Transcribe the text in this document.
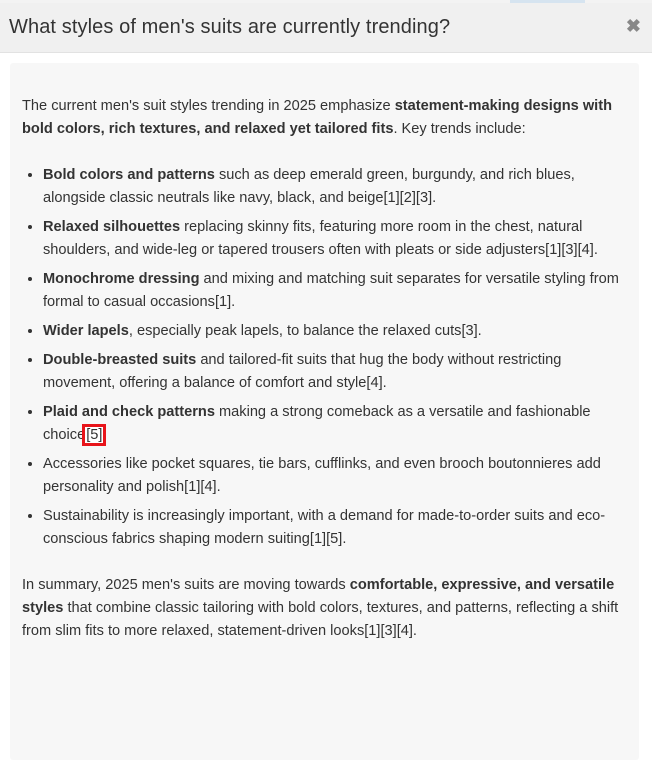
What styles of men's suits are currently trending?	✖

The current men's suit styles trending in 2025 emphasize statement-making designs with bold colors, rich textures, and relaxed yet tailored fits. Key trends include:

• Bold colors and patterns such as deep emerald green, burgundy, and rich blues, alongside classic neutrals like navy, black, and beige[1][2][3].
• Relaxed silhouettes replacing skinny fits, featuring more room in the chest, natural shoulders, and wide-leg or tapered trousers often with pleats or side adjusters[1][3][4].
• Monochrome dressing and mixing and matching suit separates for versatile styling from formal to casual occasions[1].
• Wider lapels, especially peak lapels, to balance the relaxed cuts[3].
• Double-breasted suits and tailored-fit suits that hug the body without restricting movement, offering a balance of comfort and style[4].
• Plaid and check patterns making a strong comeback as a versatile and fashionable choice[5]
• Accessories like pocket squares, tie bars, cufflinks, and even brooch boutonnieres add personality and polish[1][4].
• Sustainability is increasingly important, with a demand for made-to-order suits and eco-conscious fabrics shaping modern suiting[1][5].

In summary, 2025 men's suits are moving towards comfortable, expressive, and versatile styles that combine classic tailoring with bold colors, textures, and patterns, reflecting a shift from slim fits to more relaxed, statement-driven looks[1][3][4].
